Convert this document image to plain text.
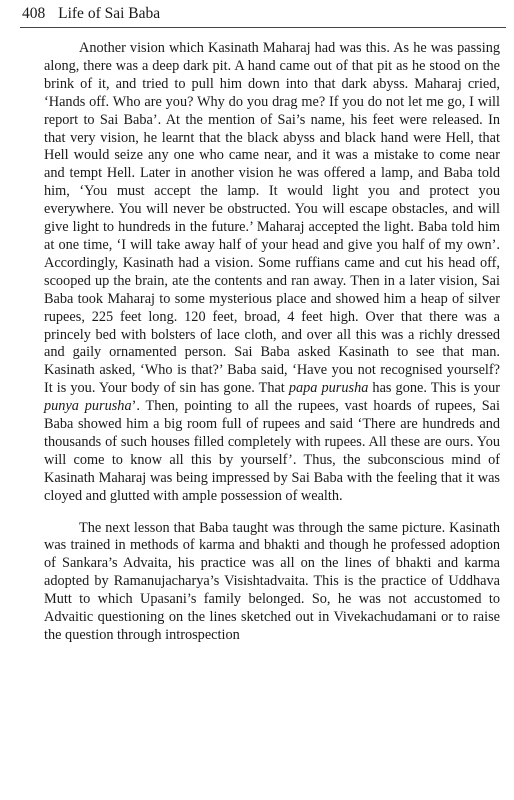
408 Life of Sai Baba

Another vision which Kasinath Maharaj had was this. As he was passing along, there was a deep dark pit. A hand came out of that pit as he stood on the brink of it, and tried to pull him down into that dark abyss. Maharaj cried, ‘Hands off. Who are you? Why do you drag me? If you do not let me go, I will report to Sai Baba’. At the mention of Sai’s name, his feet were released. In that very vision, he learnt that the black abyss and black hand were Hell, that Hell would seize any one who came near, and it was a mistake to come near and tempt Hell. Later in another vision he was offered a lamp, and Baba told him, ‘You must accept the lamp. It would light you and protect you everywhere. You will never be obstructed. You will escape obstacles, and will give light to hundreds in the future.’ Maharaj accepted the light. Baba told him at one time, ‘I will take away half of your head and give you half of my own’. Accordingly, Kasinath had a vision. Some ruffians came and cut his head off, scooped up the brain, ate the contents and ran away. Then in a later vision, Sai Baba took Maharaj to some mysterious place and showed him a heap of silver rupees, 225 feet long. 120 feet, broad, 4 feet high. Over that there was a princely bed with bolsters of lace cloth, and over all this was a richly dressed and gaily ornamented person. Sai Baba asked Kasinath to see that man. Kasinath asked, ‘Who is that?’ Baba said, ‘Have you not recognised yourself? It is you. Your body of sin has gone. That papa purusha has gone. This is your punya purusha’. Then, pointing to all the rupees, vast hoards of rupees, Sai Baba showed him a big room full of rupees and said ‘There are hundreds and thousands of such houses filled completely with rupees. All these are ours. You will come to know all this by yourself’. Thus, the subconscious mind of Kasinath Maharaj was being impressed by Sai Baba with the feeling that it was cloyed and glutted with ample possession of wealth.

The next lesson that Baba taught was through the same picture. Kasinath was trained in methods of karma and bhakti and though he professed adoption of Sankara’s Advaita, his practice was all on the lines of bhakti and karma adopted by Ramanujacharya’s Visishtadvaita. This is the practice of Uddhava Mutt to which Upasani’s family belonged. So, he was not accustomed to Advaitic questioning on the lines sketched out in Vivekachudamani or to raise the question through introspection
